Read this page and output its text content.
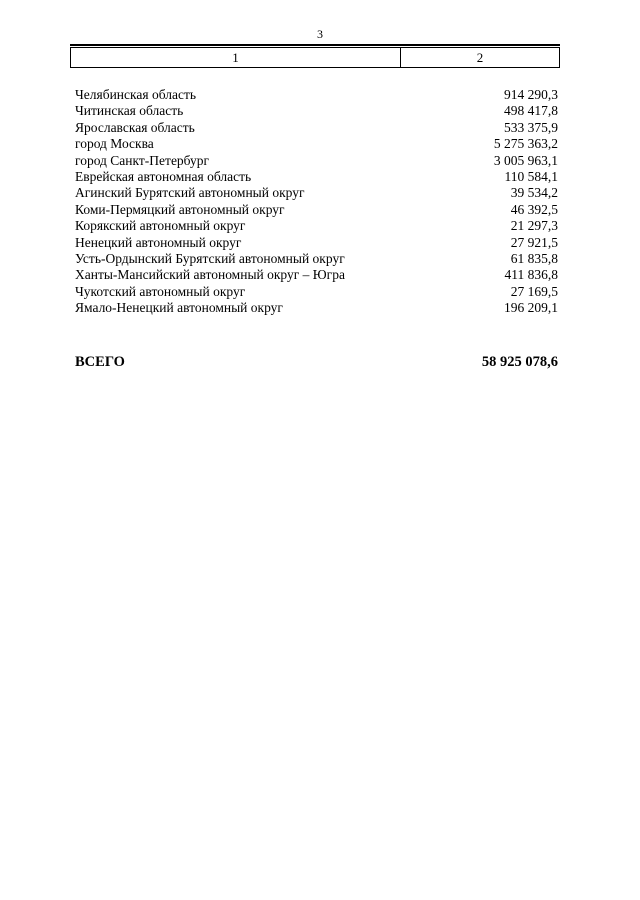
3
1	2
Челябинская область	914 290,3
Читинская область	498 417,8
Ярославская область	533 375,9
город Москва	5 275 363,2
город Санкт-Петербург	3 005 963,1
Еврейская автономная область	110 584,1
Агинский Бурятский автономный округ	39 534,2
Коми-Пермяцкий автономный округ	46 392,5
Корякский автономный округ	21 297,3
Ненецкий автономный округ	27 921,5
Усть-Ордынский Бурятский автономный округ	61 835,8
Ханты-Мансийский автономный округ – Югра	411 836,8
Чукотский автономный округ	27 169,5
Ямало-Ненецкий автономный округ	196 209,1
ВСЕГО	58 925 078,6
